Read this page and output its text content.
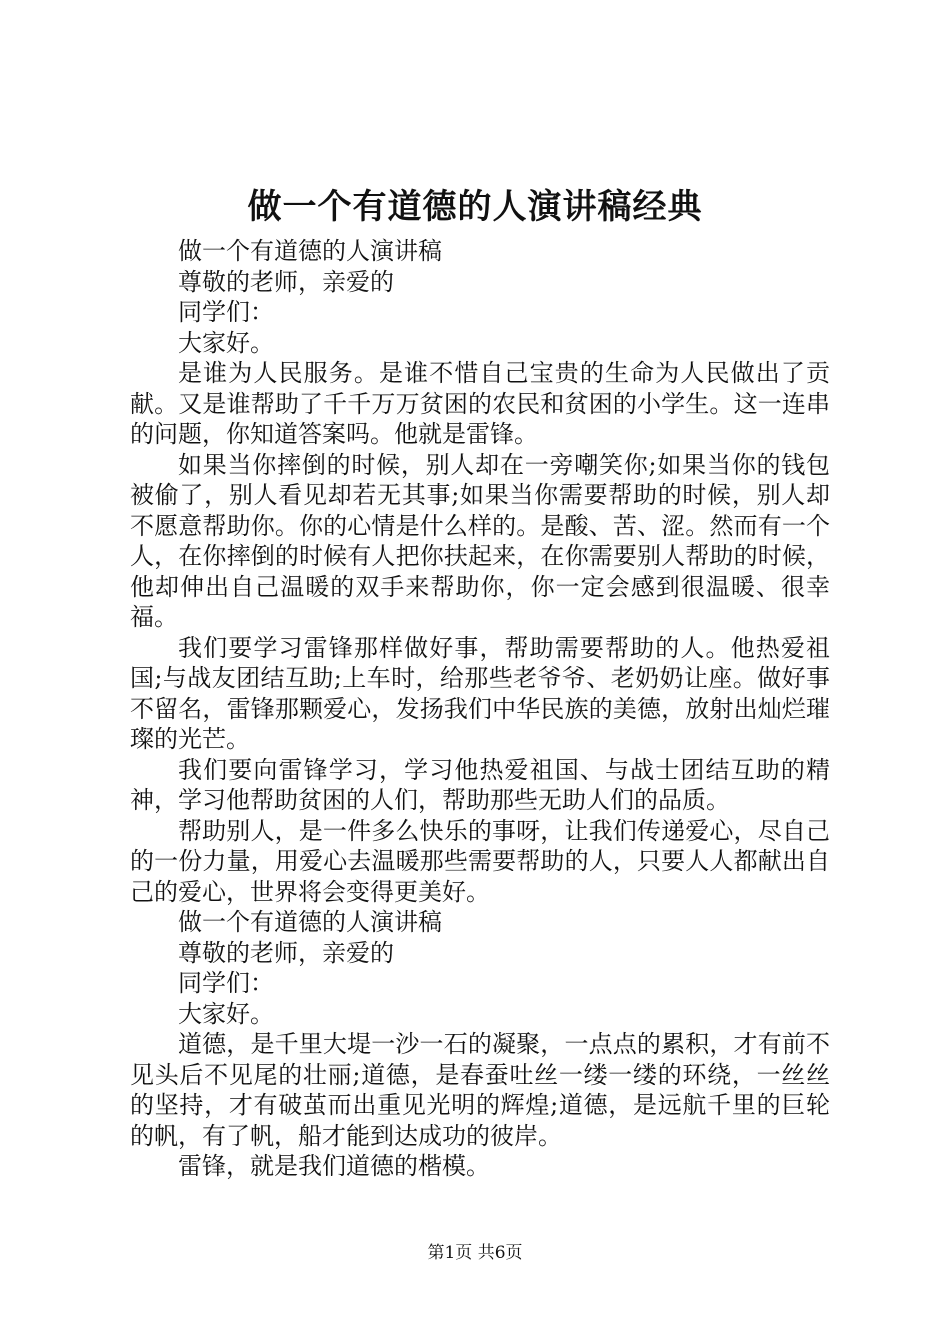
做一个有道德的人演讲稿经典

做一个有道德的人演讲稿

尊敬的老师，亲爱的

同学们：

大家好。

是谁为人民服务。是谁不惜自己宝贵的生命为人民做出了贡献。又是谁帮助了千千万万贫困的农民和贫困的小学生。这一连串的问题，你知道答案吗。他就是雷锋。

如果当你摔倒的时候，别人却在一旁嘲笑你;如果当你的钱包被偷了，别人看见却若无其事;如果当你需要帮助的时候，别人却不愿意帮助你。你的心情是什么样的。是酸、苦、涩。然而有一个人，在你摔倒的时候有人把你扶起来，在你需要别人帮助的时候，他却伸出自己温暖的双手来帮助你，你一定会感到很温暖、很幸福。

我们要学习雷锋那样做好事，帮助需要帮助的人。他热爱祖国;与战友团结互助;上车时，给那些老爷爷、老奶奶让座。做好事不留名，雷锋那颗爱心，发扬我们中华民族的美德，放射出灿烂璀璨的光芒。

我们要向雷锋学习，学习他热爱祖国、与战士团结互助的精神，学习他帮助贫困的人们，帮助那些无助人们的品质。

帮助别人，是一件多么快乐的事呀，让我们传递爱心，尽自己的一份力量，用爱心去温暖那些需要帮助的人，只要人人都献出自己的爱心，世界将会变得更美好。

做一个有道德的人演讲稿

尊敬的老师，亲爱的

同学们：

大家好。

道德，是千里大堤一沙一石的凝聚，一点点的累积，才有前不见头后不见尾的壮丽;道德，是春蚕吐丝一缕一缕的环绕，一丝丝的坚持，才有破茧而出重见光明的辉煌;道德，是远航千里的巨轮的帆，有了帆，船才能到达成功的彼岸。

雷锋，就是我们道德的楷模。

第1页 共6页
